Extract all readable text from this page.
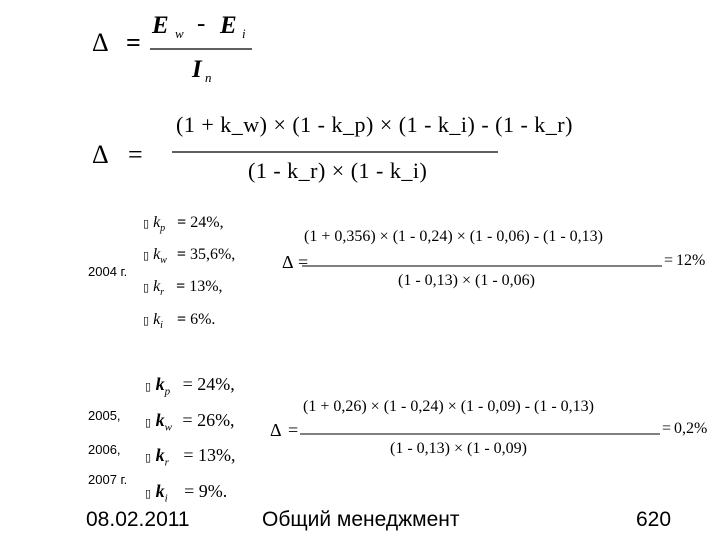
Δ =
E w - E i
I n
Δ =
(1 + k_w) × (1 - k_p) × (1 - k_i) - (1 - k_r)
(1 - k_r) × (1 - k_i)
2004 г.
▯ $k_p = 24\%$,
▯ $k_w = 35,6\%$,
▯ $k_r = 13\%$,
▯ $k_i = 6\%$.
Δ =
(1 + 0,356) × (1 - 0,24) × (1 - 0,06) - (1 - 0,13)
(1 - 0,13) × (1 - 0,06)
= 12%
2005,
2006,
2007 г.
▯ $k_p = 24\%$,
▯ $k_w = 26\%$,
▯ $k_r = 13\%$,
▯ $k_i = 9\%$.
Δ =
(1 + 0,26) × (1 - 0,24) × (1 - 0,09) - (1 - 0,13)
(1 - 0,13) × (1 - 0,09)
= 0,2%
08.02.2011	Общий менеджмент	620
